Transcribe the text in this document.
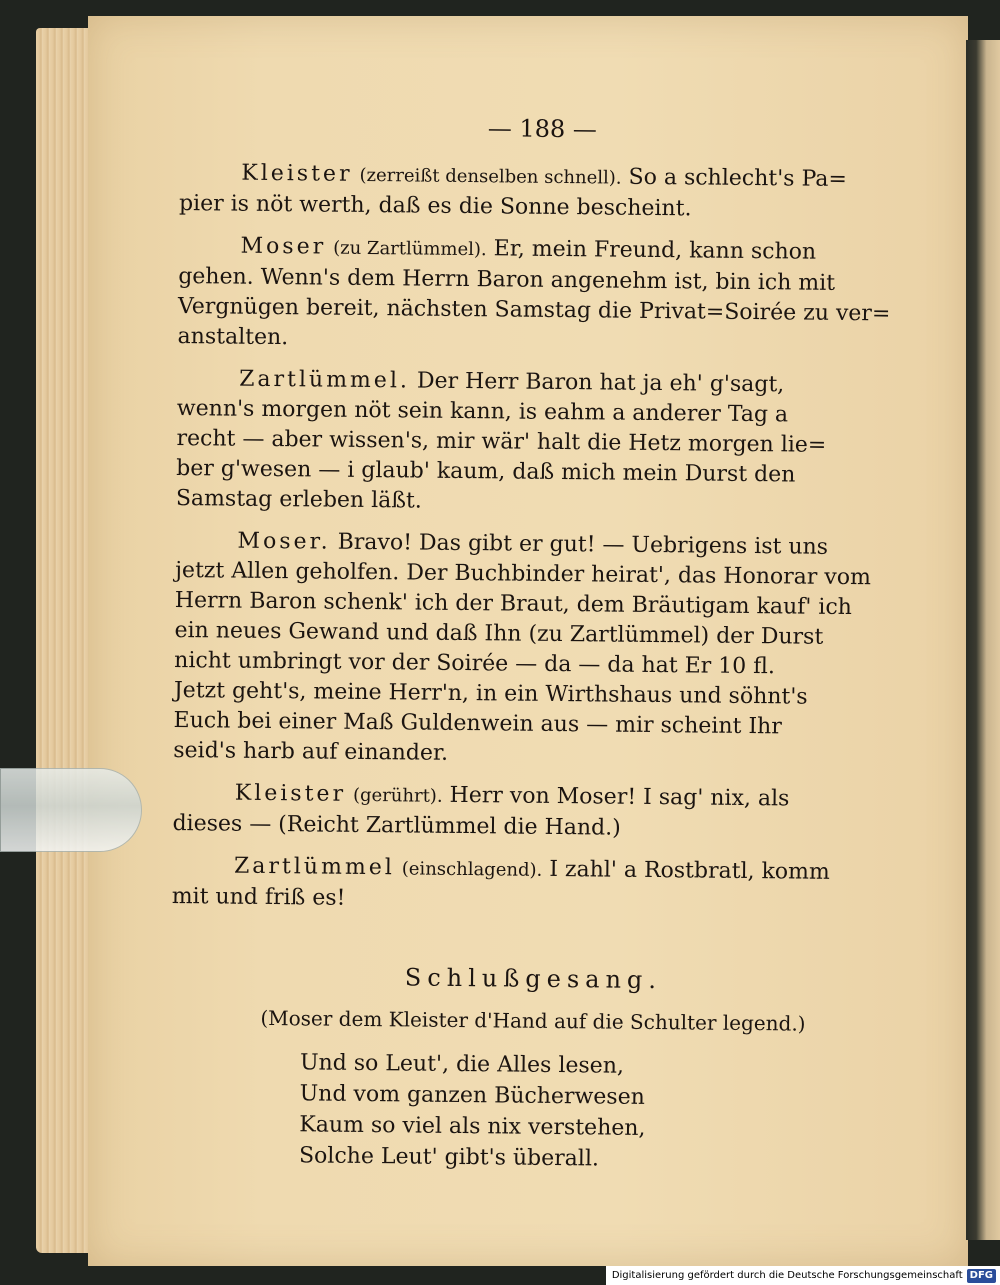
— 188 —
Kleister (zerreißt denselben schnell). So a schlecht's Pa=
pier is nöt werth, daß es die Sonne bescheint.
Moser (zu Zartlümmel). Er, mein Freund, kann schon
gehen. Wenn's dem Herrn Baron angenehm ist, bin ich mit
Vergnügen bereit, nächsten Samstag die Privat=Soirée zu ver=
anstalten.
Zartlümmel. Der Herr Baron hat ja eh' g'sagt,
wenn's morgen nöt sein kann, is eahm a anderer Tag a
recht — aber wissen's, mir wär' halt die Hetz morgen lie=
ber g'wesen — i glaub' kaum, daß mich mein Durst den
Samstag erleben läßt.
Moser. Bravo! Das gibt er gut! — Uebrigens ist uns
jetzt Allen geholfen. Der Buchbinder heirat', das Honorar vom
Herrn Baron schenk' ich der Braut, dem Bräutigam kauf' ich
ein neues Gewand und daß Ihn (zu Zartlümmel) der Durst
nicht umbringt vor der Soirée — da — da hat Er 10 fl.
Jetzt geht's, meine Herr'n, in ein Wirthshaus und söhnt's
Euch bei einer Maß Guldenwein aus — mir scheint Ihr
seid's harb auf einander.
Kleister (gerührt). Herr von Moser! I sag' nix, als
dieses — (Reicht Zartlümmel die Hand.)
Zartlümmel (einschlagend). I zahl' a Rostbratl, komm
mit und friß es!
Schlußgesang.
(Moser dem Kleister d'Hand auf die Schulter legend.)
Und so Leut', die Alles lesen,
Und vom ganzen Bücherwesen
Kaum so viel als nix verstehen,
Solche Leut' gibt's überall.
Digitalisierung gefördert durch die Deutsche Forschungsgemeinschaft DFG
